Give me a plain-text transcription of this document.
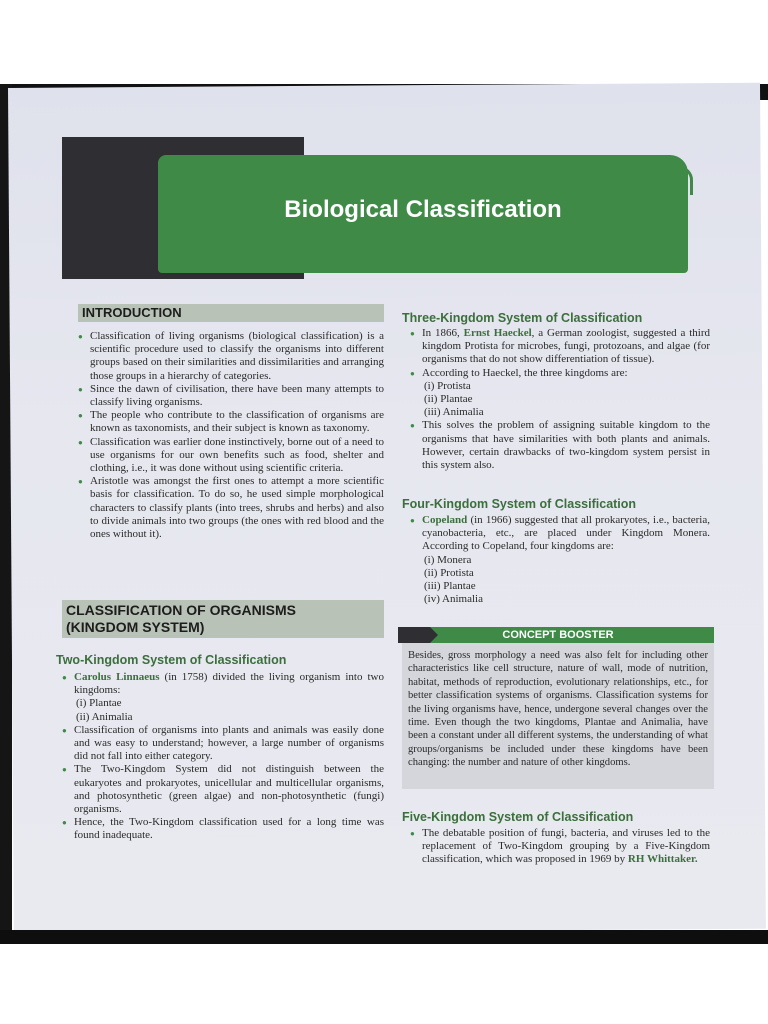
Biological Classification
INTRODUCTION
● Classification of living organisms (biological classification) is a scientific procedure used to classify the organisms into different groups based on their similarities and dissimilarities and arranging those groups in a hierarchy of categories.
● Since the dawn of civilisation, there have been many attempts to classify living organisms.
● The people who contribute to the classification of organisms are known as taxonomists, and their subject is known as taxonomy.
● Classification was earlier done instinctively, borne out of a need to use organisms for our own benefits such as food, shelter and clothing, i.e., it was done without using scientific criteria.
● Aristotle was amongst the first ones to attempt a more scientific basis for classification. To do so, he used simple morphological characters to classify plants (into trees, shrubs and herbs) and also to divide animals into two groups (the ones with red blood and the ones without it).
CLASSIFICATION OF ORGANISMS
(KINGDOM SYSTEM)
Two-Kingdom System of Classification
● Carolus Linnaeus (in 1758) divided the living organism into two kingdoms:
(i) Plantae
(ii) Animalia
● Classification of organisms into plants and animals was easily done and was easy to understand; however, a large number of organisms did not fall into either category.
● The Two-Kingdom System did not distinguish between the eukaryotes and prokaryotes, unicellular and multicellular organisms, and photosynthetic (green algae) and non-photosynthetic (fungi) organisms.
● Hence, the Two-Kingdom classification used for a long time was found inadequate.
Three-Kingdom System of Classification
● In 1866, Ernst Haeckel, a German zoologist, suggested a third kingdom Protista for microbes, fungi, protozoans, and algae (for organisms that do not show differentiation of tissue).
● According to Haeckel, the three kingdoms are:
(i) Protista
(ii) Plantae
(iii) Animalia
● This solves the problem of assigning suitable kingdom to the organisms that have similarities with both plants and animals. However, certain drawbacks of two-kingdom system persist in this system also.
Four-Kingdom System of Classification
● Copeland (in 1966) suggested that all prokaryotes, i.e., bacteria, cyanobacteria, etc., are placed under Kingdom Monera. According to Copeland, four kingdoms are:
(i) Monera
(ii) Protista
(iii) Plantae
(iv) Animalia
CONCEPT BOOSTER
Besides, gross morphology a need was also felt for including other characteristics like cell structure, nature of wall, mode of nutrition, habitat, methods of reproduction, evolutionary relationships, etc., for better classification systems of organisms. Classification systems for the living organisms have, hence, undergone several changes over the time. Even though the two kingdoms, Plantae and Animalia, have been a constant under all different systems, the understanding of what groups/organisms be included under these kingdoms have been changing: the number and nature of other kingdoms.
Five-Kingdom System of Classification
● The debatable position of fungi, bacteria, and viruses led to the replacement of Two-Kingdom grouping by a Five-Kingdom classification, which was proposed in 1969 by RH Whittaker.
